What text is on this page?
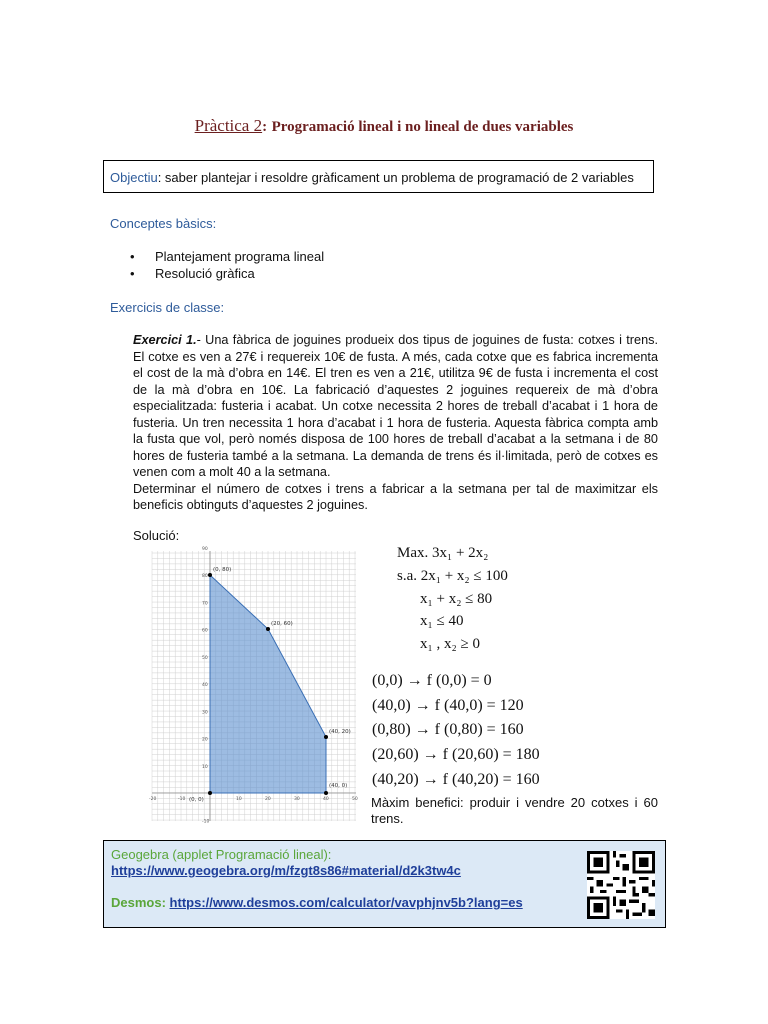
Pràctica 2: Programació lineal i no lineal de dues variables
Objectiu: saber plantejar i resoldre gràficament un problema de programació de 2 variables
Conceptes bàsics:
• Plantejament programa lineal
• Resolució gràfica
Exercicis de classe:
Exercici 1.- Una fàbrica de joguines produeix dos tipus de joguines de fusta: cotxes i trens. El cotxe es ven a 27€ i requereix 10€ de fusta. A més, cada cotxe que es fabrica incrementa el cost de la mà d’obra en 14€. El tren es ven a 21€, utilitza 9€ de fusta i incrementa el cost de la mà d’obra en 10€. La fabricació d’aquestes 2 joguines requereix de mà d’obra especialitzada: fusteria i acabat. Un cotxe necessita 2 hores de treball d’acabat i 1 hora de fusteria. Un tren necessita 1 hora d’acabat i 1 hora de fusteria. Aquesta fàbrica compta amb la fusta que vol, però només disposa de 100 hores de treball d’acabat a la setmana i de 80 hores de fusteria també a la setmana. La demanda de trens és il·limitada, però de cotxes es venen com a molt 40 a la setmana.
Determinar el número de cotxes i trens a fabricar a la setmana per tal de maximitzar els beneficis obtinguts d’aquestes 2 joguines.
Solució:
(0, 80)
(20, 60)
(40, 20)
(40, 0)
(0, 0)
-20	-10	10	20	30	40	50
90
80
70
60
50
40
30
20
10
-10
Max. 3x₁ + 2x₂
s.a. 2x₁ + x₂ ≤ 100
x₁ + x₂ ≤ 80
x₁ ≤ 40
x₁ , x₂ ≥ 0
(0,0) → f (0,0) = 0
(40,0) → f (40,0) = 120
(0,80) → f (0,80) = 160
(20,60) → f (20,60) = 180
(40,20) → f (40,20) = 160
Màxim benefici: produir i vendre 20 cotxes i 60 trens.
Geogebra (applet Programació lineal):
https://www.geogebra.org/m/fzgt8s86#material/d2k3tw4c
Desmos: https://www.desmos.com/calculator/vavphjnv5b?lang=es
